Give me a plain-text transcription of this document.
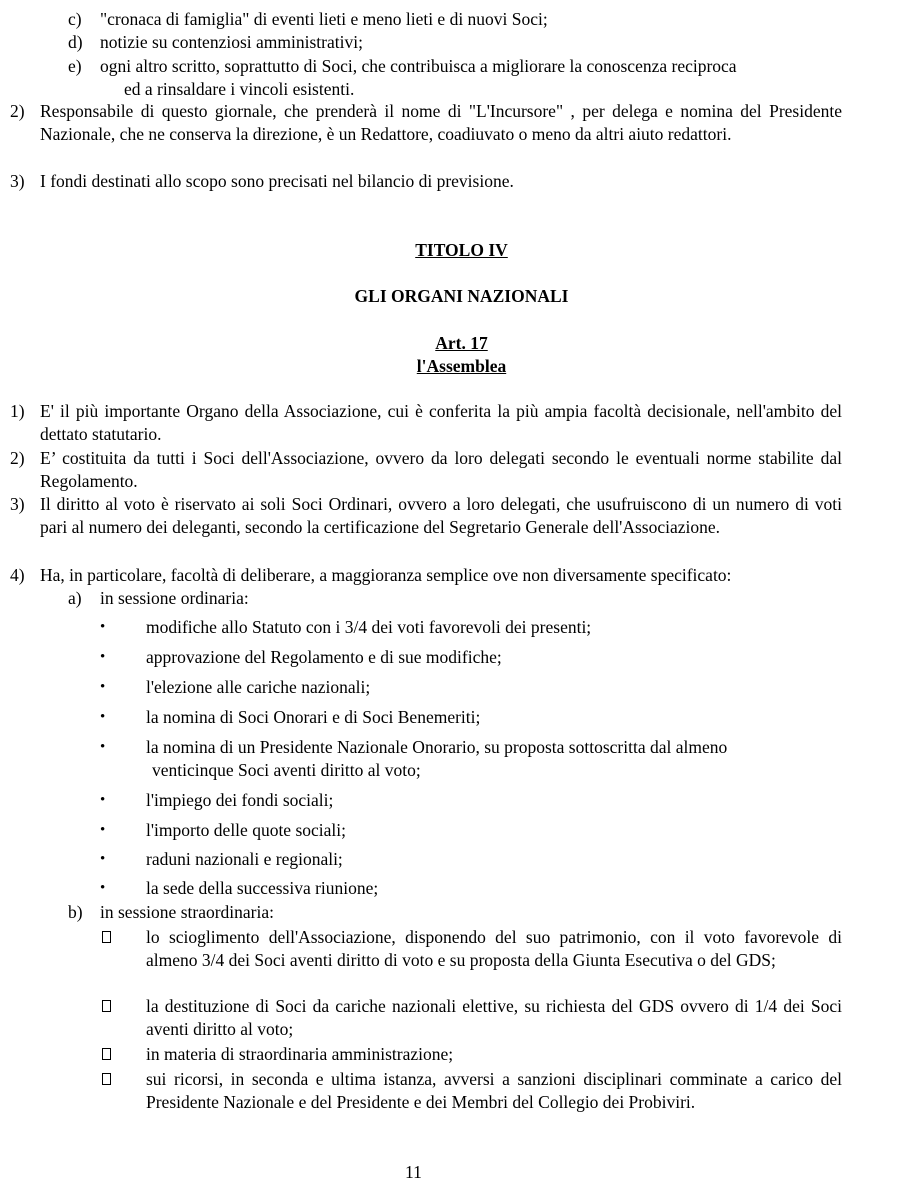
c) "cronaca di famiglia" di eventi lieti e meno lieti e di nuovi Soci;
d) notizie su contenziosi amministrativi;
e) ogni altro scritto, soprattutto di Soci, che contribuisca a migliorare la conoscenza reciproca
ed a rinsaldare i vincoli esistenti.
2) Responsabile di questo giornale, che prenderà il nome di "L'Incursore" , per delega e nomina del Presidente Nazionale, che ne conserva la direzione, è un Redattore, coadiuvato o meno da altri aiuto redattori.
3) I fondi destinati allo scopo sono precisati nel bilancio di previsione.
TITOLO IV
GLI ORGANI NAZIONALI
Art. 17
l'Assemblea
1) E' il più importante Organo della Associazione, cui è conferita la più ampia facoltà decisionale, nell'ambito del dettato statutario.
2) E’ costituita da tutti i Soci dell'Associazione, ovvero da loro delegati secondo le eventuali norme stabilite dal Regolamento.
3) Il diritto al voto è riservato ai soli Soci Ordinari, ovvero a loro delegati, che usufruiscono di un numero di voti pari al numero dei deleganti, secondo la certificazione del Segretario Generale dell'Associazione.
4) Ha, in particolare, facoltà di deliberare, a maggioranza semplice ove non diversamente specificato:
a) in sessione ordinaria:
• modifiche allo Statuto con i 3/4 dei voti favorevoli dei presenti;
• approvazione del Regolamento e di sue modifiche;
• l'elezione alle cariche nazionali;
• la nomina di Soci Onorari e di Soci Benemeriti;
• la nomina di un Presidente Nazionale Onorario, su proposta sottoscritta dal almeno
venticinque Soci aventi diritto al voto;
• l'impiego dei fondi sociali;
• l'importo delle quote sociali;
• raduni nazionali e regionali;
• la sede della successiva riunione;
b) in sessione straordinaria:
lo scioglimento dell'Associazione, disponendo del suo patrimonio, con il voto favorevole di almeno 3/4 dei Soci aventi diritto di voto e su proposta della Giunta Esecutiva o del GDS;
la destituzione di Soci da cariche nazionali elettive, su richiesta del GDS ovvero di 1/4 dei Soci aventi diritto al voto;
in materia di straordinaria amministrazione;
sui ricorsi, in seconda e ultima istanza, avversi a sanzioni disciplinari comminate a carico del Presidente Nazionale e del Presidente e dei Membri del Collegio dei Probiviri.
11
